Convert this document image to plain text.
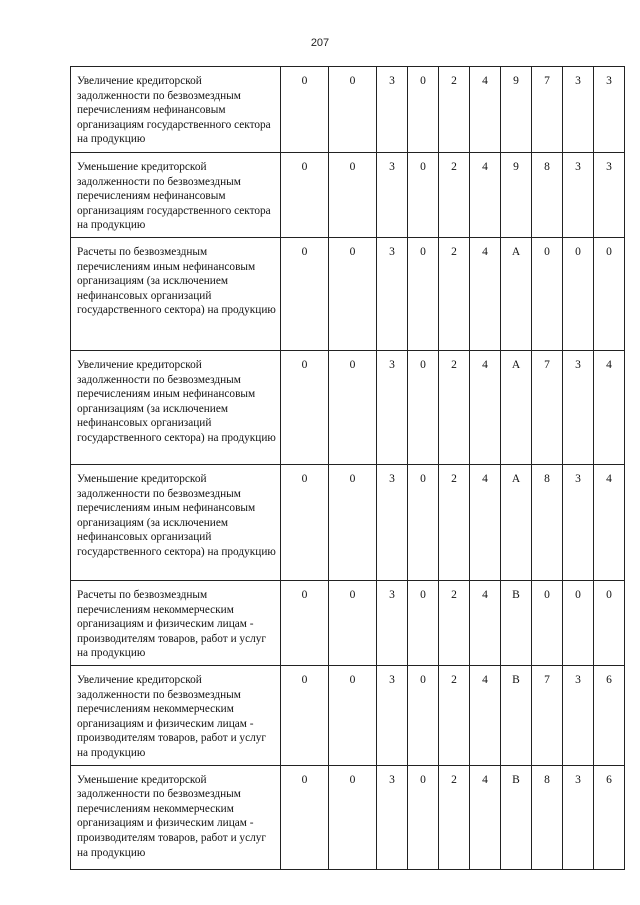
207
Увеличение кредиторской задолженности по безвозмездным перечислениям нефинансовым организациям государственного сектора на продукцию	0	0	3	0	2	4	9	7	3	3
Уменьшение кредиторской задолженности по безвозмездным перечислениям нефинансовым организациям государственного сектора на продукцию	0	0	3	0	2	4	9	8	3	3
Расчеты по безвозмездным перечислениям иным нефинансовым организациям (за исключением нефинансовых организаций государственного сектора) на продукцию	0	0	3	0	2	4	А	0	0	0
Увеличение кредиторской задолженности по безвозмездным перечислениям иным нефинансовым организациям (за исключением нефинансовых организаций государственного сектора) на продукцию	0	0	3	0	2	4	А	7	3	4
Уменьшение кредиторской задолженности по безвозмездным перечислениям иным нефинансовым организациям (за исключением нефинансовых организаций государственного сектора) на продукцию	0	0	3	0	2	4	А	8	3	4
Расчеты по безвозмездным перечислениям некоммерческим организациям и физическим лицам - производителям товаров, работ и услуг на продукцию	0	0	3	0	2	4	В	0	0	0
Увеличение кредиторской задолженности по безвозмездным перечислениям некоммерческим организациям и физическим лицам - производителям товаров, работ и услуг на продукцию	0	0	3	0	2	4	В	7	3	6
Уменьшение кредиторской задолженности по безвозмездным перечислениям некоммерческим организациям и физическим лицам - производителям товаров, работ и услуг на продукцию	0	0	3	0	2	4	В	8	3	6
